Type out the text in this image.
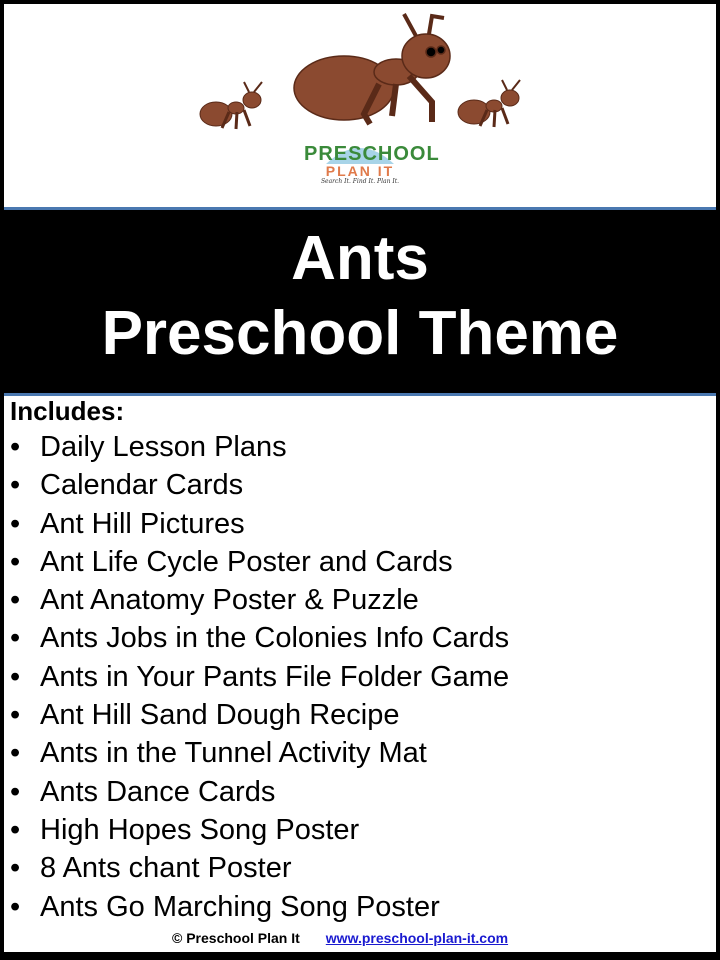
PRESCHOOL
PLAN IT
Search It. Find It. Plan It.
Ants
Preschool Theme
Includes:
• Daily Lesson Plans
• Calendar Cards
• Ant Hill Pictures
• Ant Life Cycle Poster and Cards
• Ant Anatomy Poster & Puzzle
• Ants Jobs in the Colonies Info Cards
• Ants in Your Pants File Folder Game
• Ant Hill Sand Dough Recipe
• Ants in the Tunnel Activity Mat
• Ants Dance Cards
• High Hopes Song Poster
• 8 Ants chant Poster
• Ants Go Marching Song Poster
© Preschool Plan It www.preschool-plan-it.com
